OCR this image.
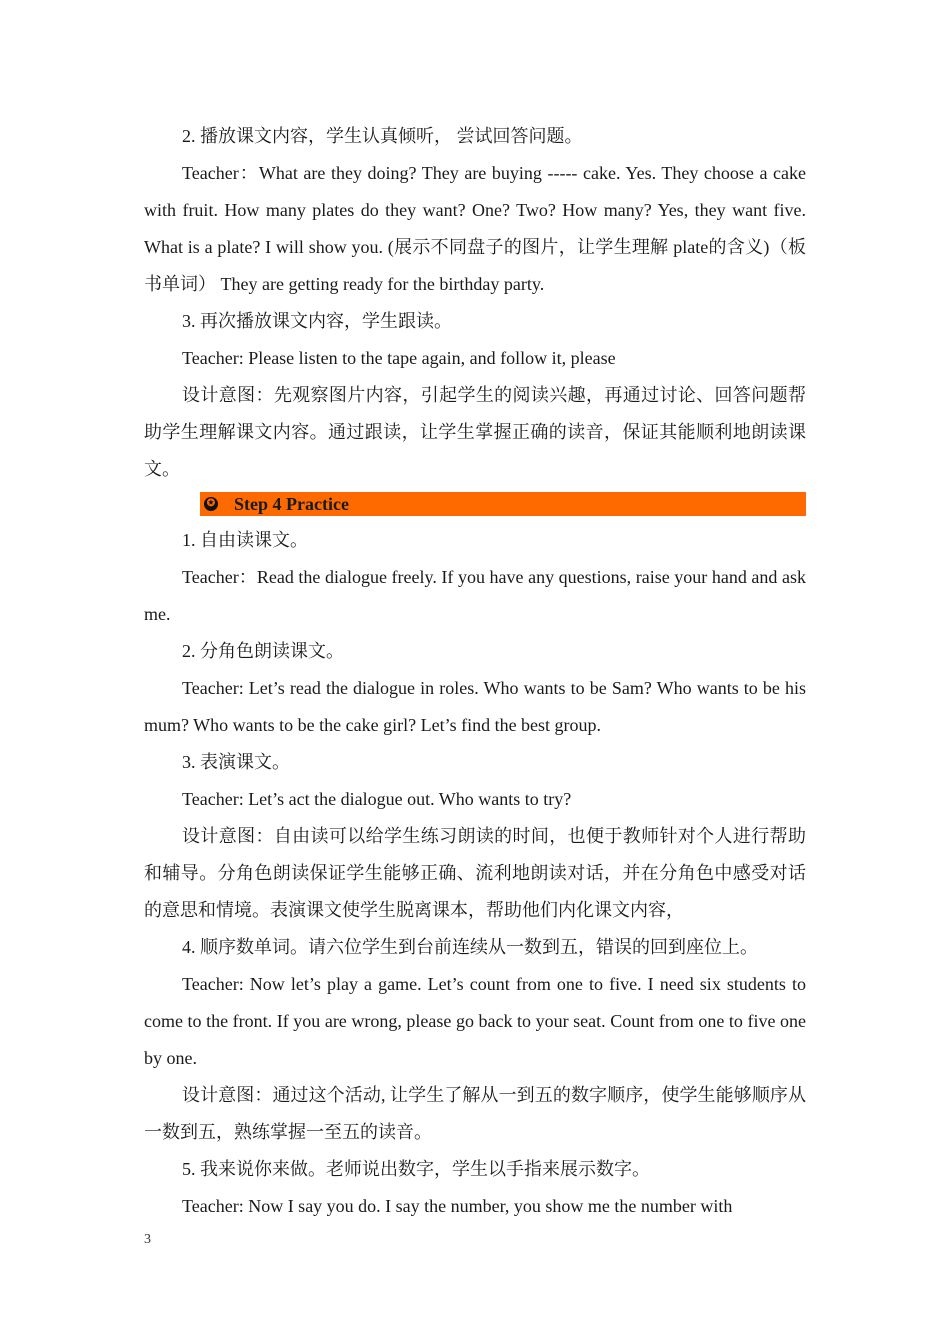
2. 播放课文内容，学生认真倾听， 尝试回答问题。

Teacher：What are they doing? They are buying ----- cake. Yes. They choose a cake with fruit. How many plates do they want? One? Two? How many? Yes, they want five. What is a plate? I will show you. (展示不同盘子的图片，让学生理解 plate的含义)（板书单词） They are getting ready for the birthday party.

3. 再次播放课文内容，学生跟读。

Teacher: Please listen to the tape again, and follow it, please

设计意图：先观察图片内容，引起学生的阅读兴趣，再通过讨论、回答问题帮助学生理解课文内容。通过跟读，让学生掌握正确的读音，保证其能顺利地朗读课文。

✪ Step 4 Practice

1. 自由读课文。

Teacher：Read the dialogue freely. If you have any questions, raise your hand and ask me.

2. 分角色朗读课文。

Teacher: Let’s read the dialogue in roles. Who wants to be Sam? Who wants to be his mum? Who wants to be the cake girl? Let’s find the best group.

3. 表演课文。

Teacher: Let’s act the dialogue out. Who wants to try?

设计意图：自由读可以给学生练习朗读的时间，也便于教师针对个人进行帮助和辅导。分角色朗读保证学生能够正确、流利地朗读对话，并在分角色中感受对话的意思和情境。表演课文使学生脱离课本，帮助他们内化课文内容，

4. 顺序数单词。请六位学生到台前连续从一数到五，错误的回到座位上。

Teacher: Now let’s play a game. Let’s count from one to five. I need six students to come to the front. If you are wrong, please go back to your seat. Count from one to five one by one.

设计意图：通过这个活动, 让学生了解从一到五的数字顺序，使学生能够顺序从一数到五，熟练掌握一至五的读音。

5. 我来说你来做。老师说出数字，学生以手指来展示数字。

Teacher: Now I say you do. I say the number, you show me the number with

3
